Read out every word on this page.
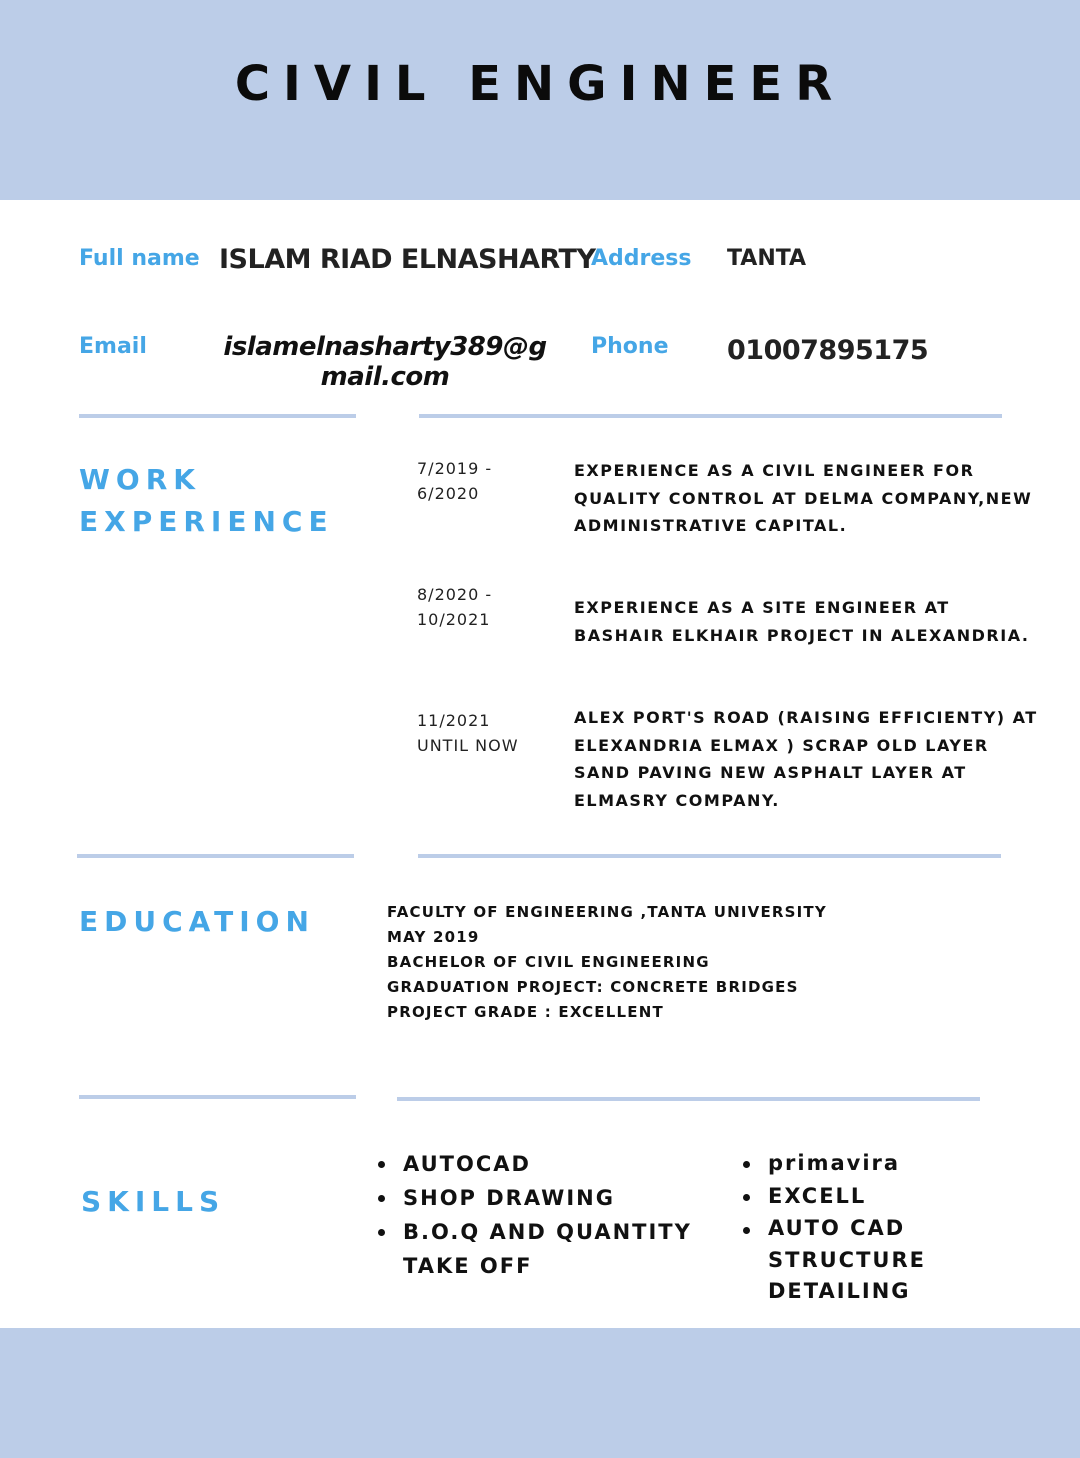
CIVIL ENGINEER
Full name ISLAM RIAD ELNASHARTY
Address TANTA
Email	islamelnasharty389@g
mail.com
Phone 01007895175
WORK
EXPERIENCE
7/2019 -
6/2020
EXPERIENCE AS A CIVIL ENGINEER FOR QUALITY CONTROL AT DELMA COMPANY,NEW ADMINISTRATIVE CAPITAL.
8/2020 -
10/2021
EXPERIENCE AS A SITE ENGINEER AT BASHAIR ELKHAIR PROJECT IN ALEXANDRIA.
11/2021
UNTIL NOW
ALEX PORT'S ROAD (RAISING EFFICIENTY) AT ELEXANDRIA ELMAX ) SCRAP OLD LAYER SAND PAVING NEW ASPHALT LAYER AT ELMASRY COMPANY.
EDUCATION	FACULTY OF ENGINEERING ,TANTA UNIVERSITY
MAY 2019
BACHELOR OF CIVIL ENGINEERING
GRADUATION PROJECT: CONCRETE BRIDGES
PROJECT GRADE : EXCELLENT
SKILLS
AUTOCAD
SHOP DRAWING
B.O.Q AND QUANTITY TAKE OFF
primavira
EXCELL
AUTO CAD STRUCTURE DETAILING
